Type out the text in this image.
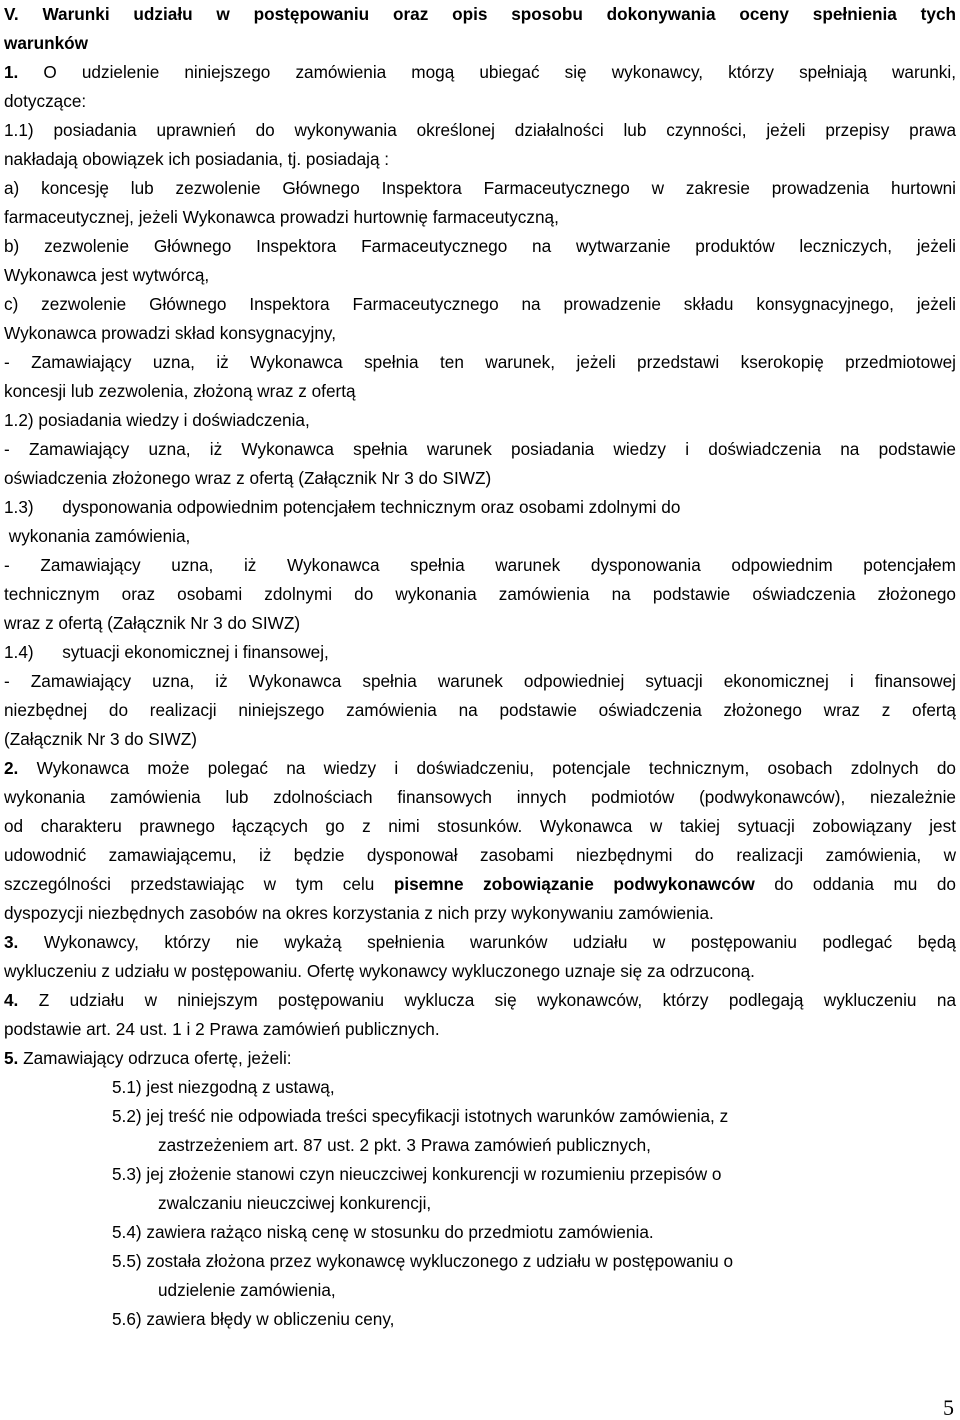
V. Warunki udziału w postępowaniu oraz opis sposobu dokonywania oceny spełnienia tych
warunków
1. O udzielenie niniejszego zamówienia mogą ubiegać się wykonawcy, którzy spełniają warunki,
dotyczące:
1.1) posiadania uprawnień do wykonywania określonej działalności lub czynności, jeżeli przepisy prawa
nakładają obowiązek ich posiadania, tj. posiadają :
a) koncesję lub zezwolenie Głównego Inspektora Farmaceutycznego w zakresie prowadzenia hurtowni
farmaceutycznej, jeżeli Wykonawca prowadzi hurtownię farmaceutyczną,
b) zezwolenie Głównego Inspektora Farmaceutycznego na wytwarzanie produktów leczniczych, jeżeli
Wykonawca jest wytwórcą,
c) zezwolenie Głównego Inspektora Farmaceutycznego na prowadzenie składu konsygnacyjnego, jeżeli
Wykonawca prowadzi skład konsygnacyjny,
- Zamawiający uzna, iż Wykonawca spełnia ten warunek, jeżeli przedstawi kserokopię przedmiotowej
koncesji lub zezwolenia, złożoną wraz z ofertą
1.2) posiadania wiedzy i doświadczenia,
- Zamawiający uzna, iż Wykonawca spełnia warunek posiadania wiedzy i doświadczenia na podstawie
oświadczenia złożonego wraz z ofertą (Załącznik Nr 3 do SIWZ)
1.3)      dysponowania odpowiednim potencjałem technicznym oraz osobami zdolnymi do
wykonania zamówienia,
- Zamawiający uzna, iż Wykonawca spełnia warunek dysponowania odpowiednim potencjałem
technicznym oraz osobami zdolnymi do wykonania zamówienia na podstawie oświadczenia złożonego
wraz z ofertą (Załącznik Nr 3 do SIWZ)
1.4)      sytuacji ekonomicznej i finansowej,
- Zamawiający uzna, iż Wykonawca spełnia warunek odpowiedniej sytuacji ekonomicznej i finansowej
niezbędnej do realizacji niniejszego zamówienia na podstawie oświadczenia złożonego wraz z ofertą
(Załącznik Nr 3 do SIWZ)
2. Wykonawca może polegać na wiedzy i doświadczeniu, potencjale technicznym, osobach zdolnych do
wykonania zamówienia lub zdolnościach finansowych innych podmiotów (podwykonawców), niezależnie
od charakteru prawnego łączących go z nimi stosunków. Wykonawca w takiej sytuacji zobowiązany jest
udowodnić zamawiającemu, iż będzie dysponował zasobami niezbędnymi do realizacji zamówienia, w
szczególności przedstawiając w tym celu pisemne zobowiązanie podwykonawców do oddania mu do
dyspozycji niezbędnych zasobów na okres korzystania z nich przy wykonywaniu zamówienia.
3. Wykonawcy, którzy nie wykażą spełnienia warunków udziału w postępowaniu podlegać będą
wykluczeniu z udziału w postępowaniu. Ofertę wykonawcy wykluczonego uznaje się za odrzuconą.
4. Z udziału w niniejszym postępowaniu wyklucza się wykonawców, którzy podlegają wykluczeniu na
podstawie art. 24 ust. 1 i 2 Prawa zamówień publicznych.
5. Zamawiający odrzuca ofertę, jeżeli:
5.1) jest niezgodną z ustawą,
5.2) jej treść nie odpowiada treści specyfikacji istotnych warunków zamówienia, z
zastrzeżeniem art. 87 ust. 2 pkt. 3 Prawa zamówień publicznych,
5.3) jej złożenie stanowi czyn nieuczciwej konkurencji w rozumieniu przepisów o
zwalczaniu nieuczciwej konkurencji,
5.4) zawiera rażąco niską cenę w stosunku do przedmiotu zamówienia.
5.5) została złożona przez wykonawcę wykluczonego z udziału w postępowaniu o
udzielenie zamówienia,
5.6) zawiera błędy w obliczeniu ceny,
5
